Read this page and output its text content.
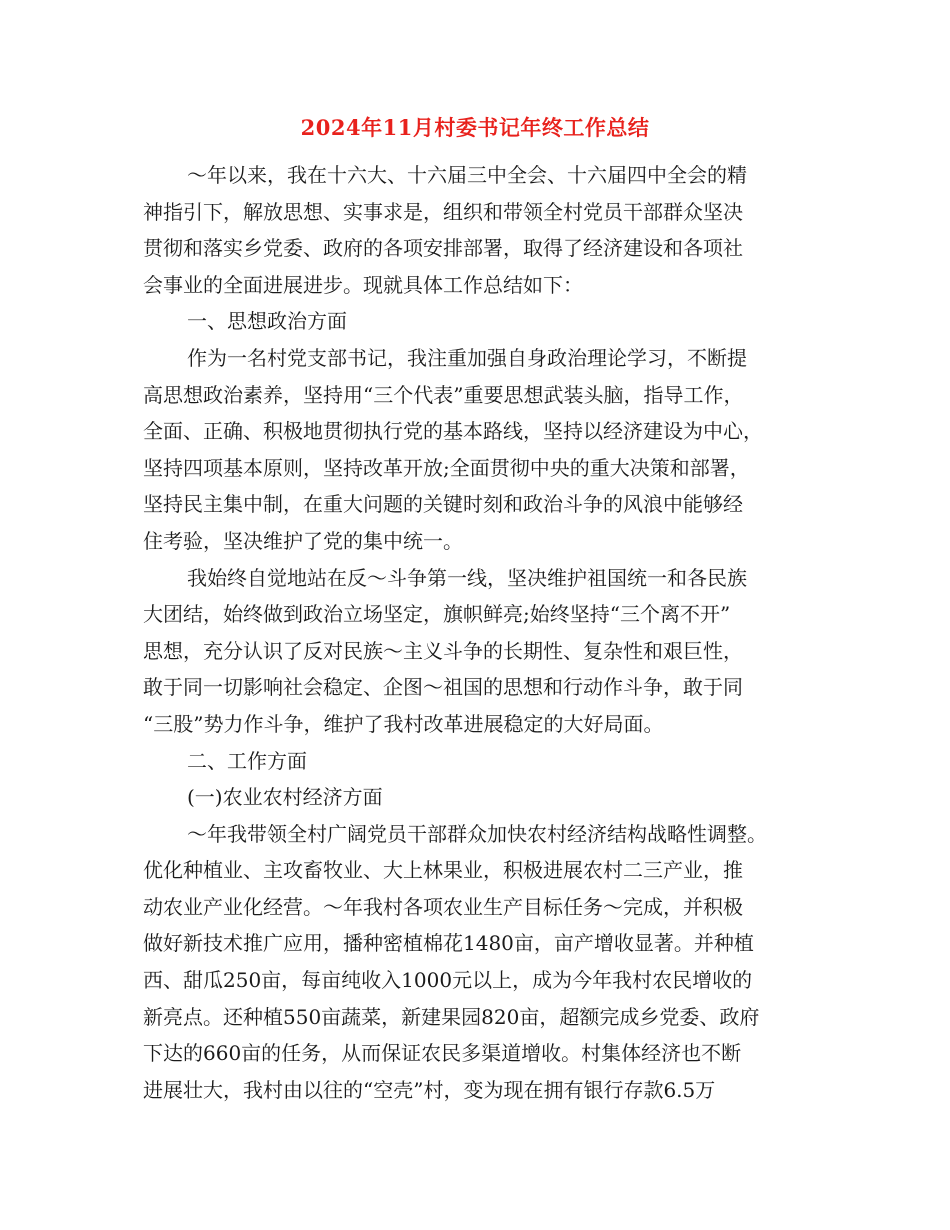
2024年11月村委书记年终工作总结
～年以来，我在十六大、十六届三中全会、十六届四中全会的精
神指引下，解放思想、实事求是，组织和带领全村党员干部群众坚决
贯彻和落实乡党委、政府的各项安排部署，取得了经济建设和各项社
会事业的全面进展进步。现就具体工作总结如下：
一、思想政治方面
作为一名村党支部书记，我注重加强自身政治理论学习，不断提
高思想政治素养，坚持用“三个代表”重要思想武装头脑，指导工作，
全面、正确、积极地贯彻执行党的基本路线，坚持以经济建设为中心，
坚持四项基本原则，坚持改革开放;全面贯彻中央的重大决策和部署，
坚持民主集中制，在重大问题的关键时刻和政治斗争的风浪中能够经
住考验，坚决维护了党的集中统一。
我始终自觉地站在反～斗争第一线，坚决维护祖国统一和各民族
大团结，始终做到政治立场坚定，旗帜鲜亮;始终坚持“三个离不开”
思想，充分认识了反对民族～主义斗争的长期性、复杂性和艰巨性，
敢于同一切影响社会稳定、企图～祖国的思想和行动作斗争，敢于同
“三股”势力作斗争，维护了我村改革进展稳定的大好局面。
二、工作方面
(一)农业农村经济方面
～年我带领全村广阔党员干部群众加快农村经济结构战略性调整。
优化种植业、主攻畜牧业、大上林果业，积极进展农村二三产业，推
动农业产业化经营。～年我村各项农业生产目标任务～完成，并积极
做好新技术推广应用，播种密植棉花1480亩，亩产增收显著。并种植
西、甜瓜250亩，每亩纯收入1000元以上，成为今年我村农民增收的
新亮点。还种植550亩蔬菜，新建果园820亩，超额完成乡党委、政府
下达的660亩的任务，从而保证农民多渠道增收。村集体经济也不断
进展壮大，我村由以往的“空壳”村，变为现在拥有银行存款6.5万
